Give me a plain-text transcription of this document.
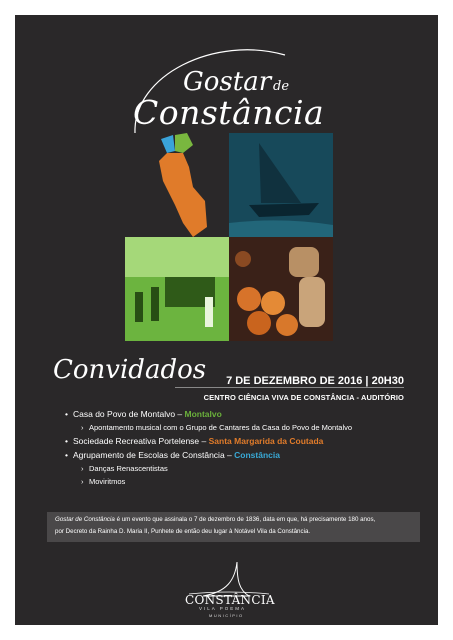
Gostar de
Constância
Convidados 7 DE DEZEMBRO DE 2016 | 20H30
CENTRO CIÊNCIA VIVA DE CONSTÂNCIA - AUDITÓRIO
• Casa do Povo de Montalvo – Montalvo
› Apontamento musical com o Grupo de Cantares da Casa do Povo de Montalvo
• Sociedade Recreativa Portelense – Santa Margarida da Coutada
• Agrupamento de Escolas de Constância – Constância
› Danças Renascentistas
› Moviritmos
Gostar de Constância é um evento que assinala o 7 de dezembro de 1836, data em que, há precisamente 180 anos,
por Decreto da Rainha D. Maria II, Punhete de então deu lugar à Notável Vila da Constância.
CONSTÂNCIA
VILA POEMA
MUNICÍPIO
